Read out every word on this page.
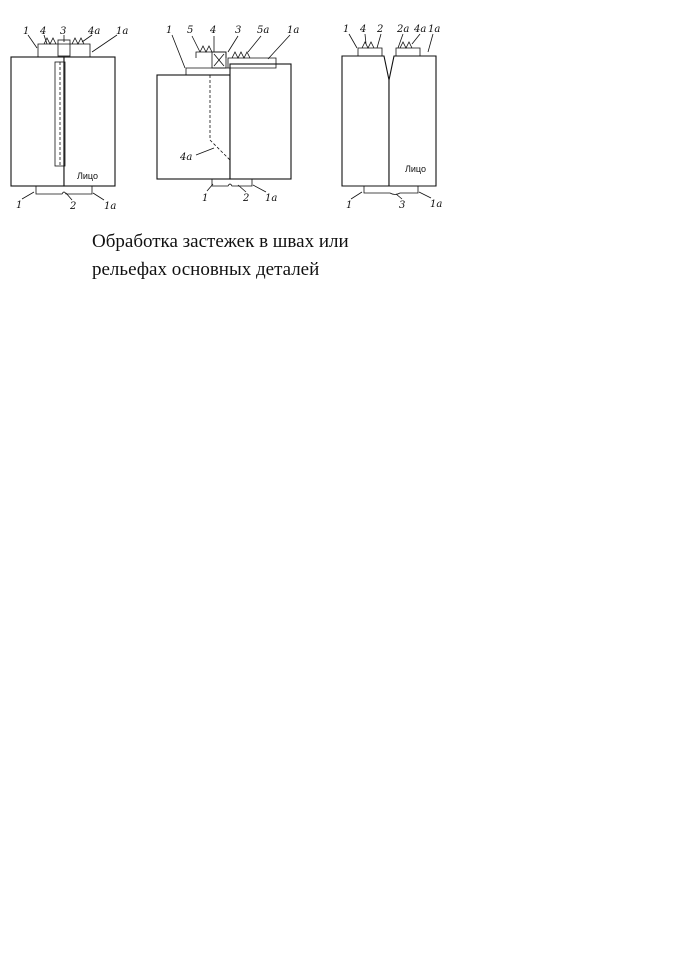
1 4 3 4а 1а
Лицо
1	2	1а
1 5 4 3 5а 1а
4а
1	2 1а
1 4 2 2а 4а 1а
Лицо
1	3 1а
Обработка застежек в швах или
рельефах основных деталей
